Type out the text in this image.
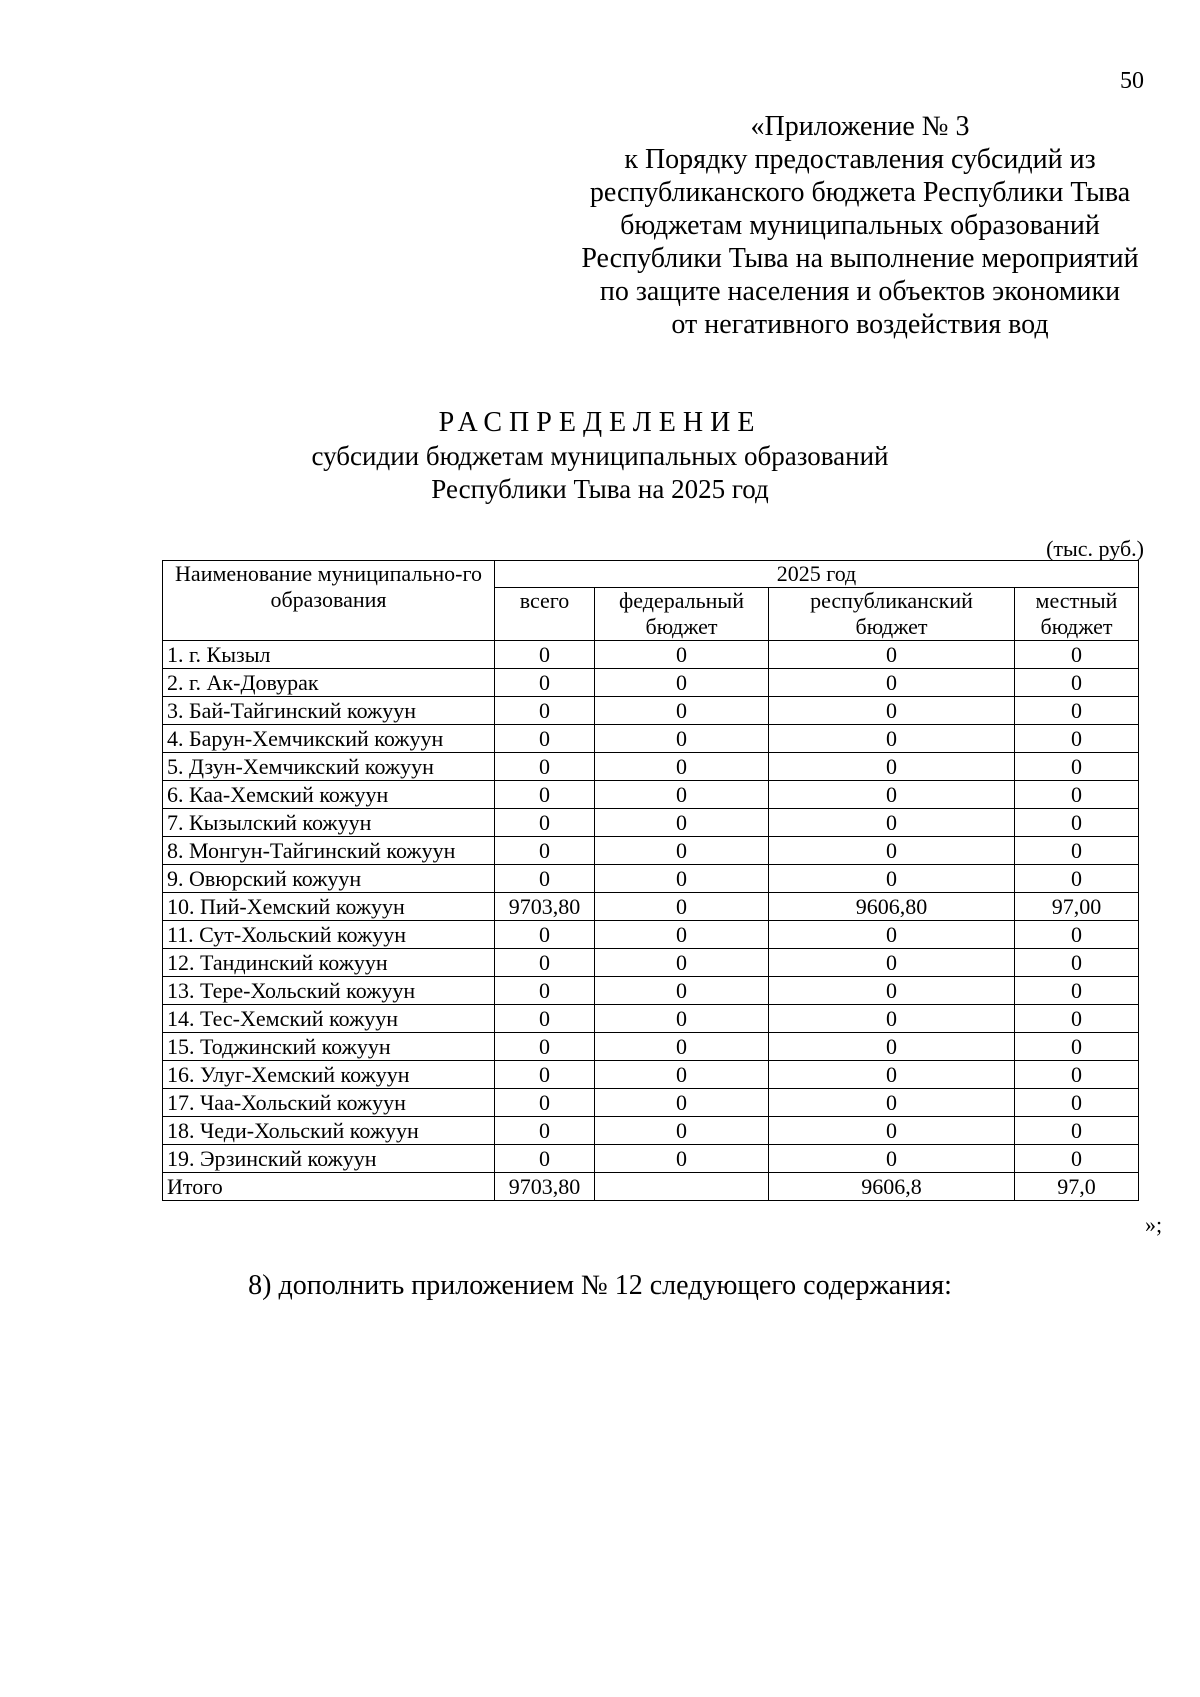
50
«Приложение № 3
к Порядку предоставления субсидий из
республиканского бюджета Республики Тыва
бюджетам муниципальных образований
Республики Тыва на выполнение мероприятий
по защите населения и объектов экономики
от негативного воздействия вод
РАСПРЕДЕЛЕНИЕ
субсидии бюджетам муниципальных образований
Республики Тыва на 2025 год
(тыс. руб.)
Наименование муниципально-го образования	2025 год			
	всего	федеральный бюджет	республиканский бюджет	местный бюджет
1. г. Кызыл	0	0	0	0
2. г. Ак-Довурак	0	0	0	0
3. Бай-Тайгинский кожуун	0	0	0	0
4. Барун-Хемчикский кожуун	0	0	0	0
5. Дзун-Хемчикский кожуун	0	0	0	0
6. Каа-Хемский кожуун	0	0	0	0
7. Кызылский кожуун	0	0	0	0
8. Монгун-Тайгинский кожуун	0	0	0	0
9. Овюрский кожуун	0	0	0	0
10. Пий-Хемский кожуун	9703,80	0	9606,80	97,00
11. Сут-Хольский кожуун	0	0	0	0
12. Тандинский кожуун	0	0	0	0
13. Тере-Хольский кожуун	0	0	0	0
14. Тес-Хемский кожуун	0	0	0	0
15. Тоджинский кожуун	0	0	0	0
16. Улуг-Хемский кожуун	0	0	0	0
17. Чаа-Хольский кожуун	0	0	0	0
18. Чеди-Хольский кожуун	0	0	0	0
19. Эрзинский кожуун	0	0	0	0
Итого	9703,80		9606,8	97,0
»;
8) дополнить приложением № 12 следующего содержания:
